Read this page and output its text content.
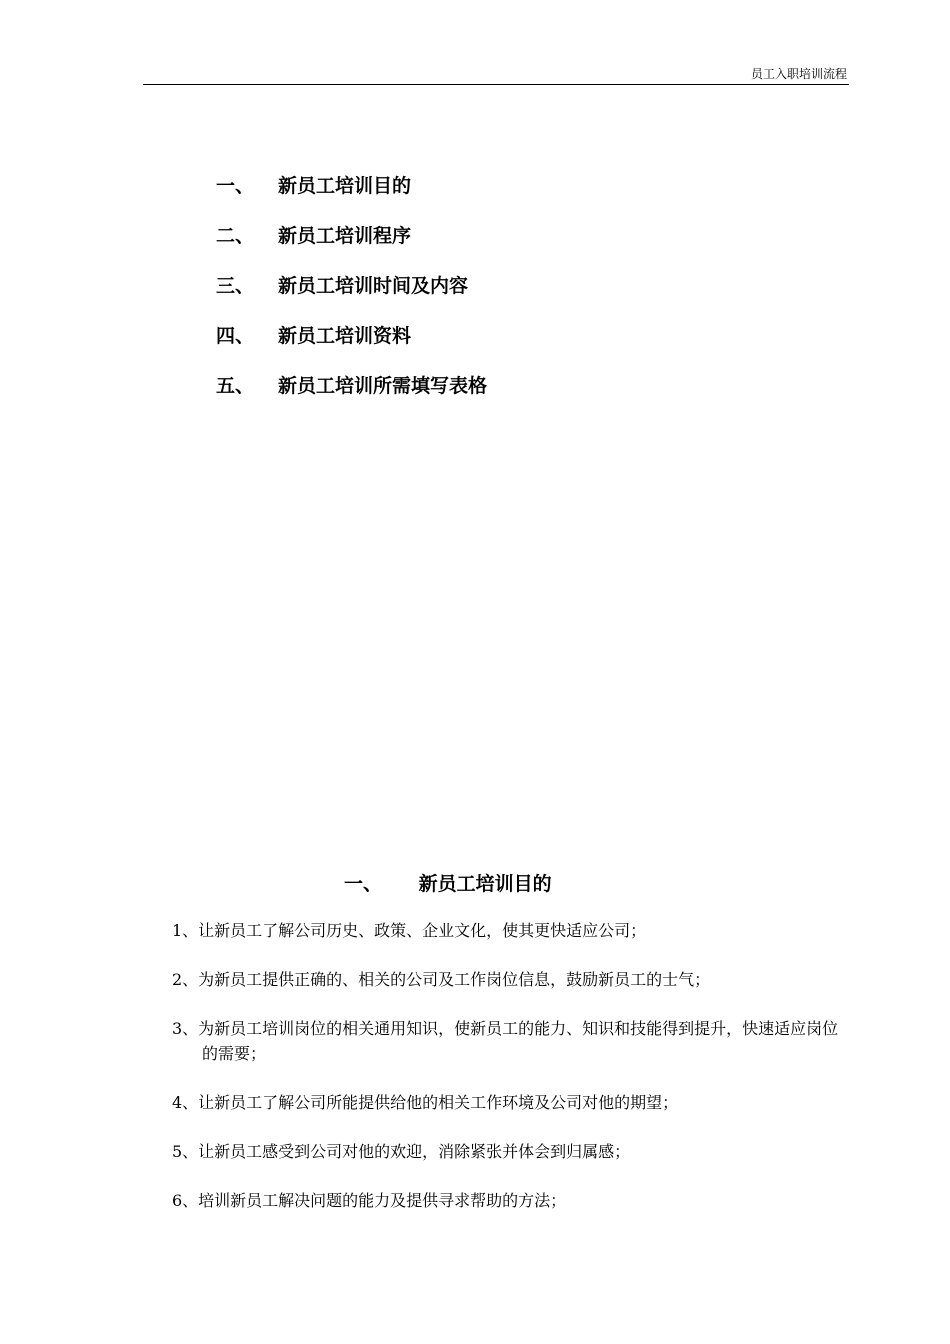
员工入职培训流程
一、	新员工培训目的
二、	新员工培训程序
三、	新员工培训时间及内容
四、	新员工培训资料
五、	新员工培训所需填写表格
一、 新员工培训目的
1、让新员工了解公司历史、政策、企业文化，使其更快适应公司；
2、为新员工提供正确的、相关的公司及工作岗位信息，鼓励新员工的士气；
3、为新员工培训岗位的相关通用知识，使新员工的能力、知识和技能得到提升，快速适应岗位的需要；
4、让新员工了解公司所能提供给他的相关工作环境及公司对他的期望；
5、让新员工感受到公司对他的欢迎，消除紧张并体会到归属感；
6、培训新员工解决问题的能力及提供寻求帮助的方法；
